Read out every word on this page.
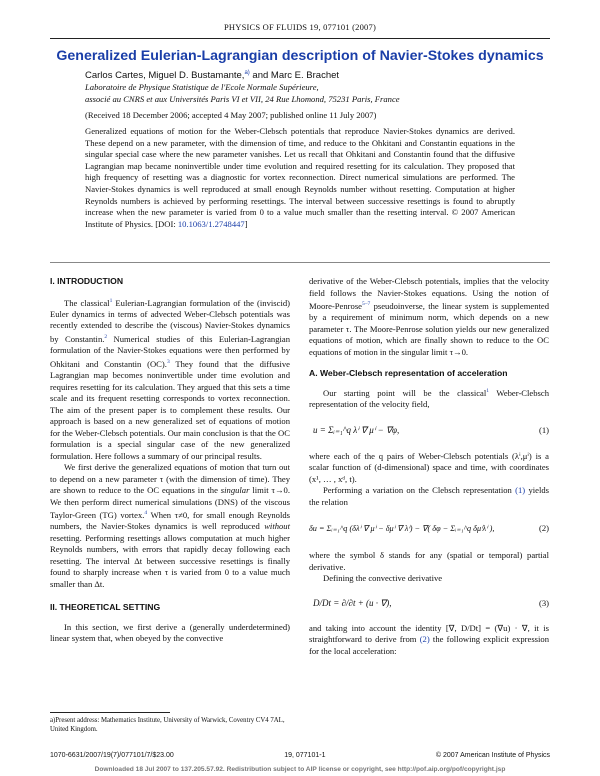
PHYSICS OF FLUIDS 19, 077101 (2007)
Generalized Eulerian-Lagrangian description of Navier-Stokes dynamics
Carlos Cartes, Miguel D. Bustamante,$^{a)}$ and Marc E. Brachet
Laboratoire de Physique Statistique de l'Ecole Normale Supérieure,
associé au CNRS et aux Universités Paris VI et VII, 24 Rue Lhomond, 75231 Paris, France
(Received 18 December 2006; accepted 4 May 2007; published online 11 July 2007)
Generalized equations of motion for the Weber-Clebsch potentials that reproduce Navier-Stokes dynamics are derived. These depend on a new parameter, with the dimension of time, and reduce to the Ohkitani and Constantin equations in the singular special case where the new parameter vanishes. Let us recall that Ohkitani and Constantin found that the diffusive Lagrangian map became noninvertible under time evolution and required resetting for its calculation. They proposed that high frequency of resetting was a diagnostic for vortex reconnection. Direct numerical simulations are performed. The Navier-Stokes dynamics is well reproduced at small enough Reynolds number without resetting. Computation at higher Reynolds numbers is achieved by performing resettings. The interval between successive resettings is found to abruptly increase when the new parameter is varied from 0 to a value much smaller than the resetting interval. © 2007 American Institute of Physics. [DOI: 10.1063/1.2748447]
I. INTRODUCTION

The classical$^1$ Eulerian-Lagrangian formulation of the (inviscid) Euler dynamics in terms of advected Weber-Clebsch potentials was recently extended to describe the (viscous) Navier-Stokes dynamics by Constantin.$^2$ Numerical studies of this Eulerian-Lagrangian formulation of the Navier-Stokes equations were then performed by Ohkitani and Constantin (OC).$^3$ They found that the diffusive Lagrangian map becomes noninvertible under time evolution and requires resetting for its calculation. They argued that this sets a time scale and its frequent resetting corresponds to vortex reconnection. The aim of the present paper is to complement these results. Our approach is based on a new generalized set of equations of motion for the Weber-Clebsch potentials. Our main conclusion is that the OC formulation is a special singular case of the new generalized formulation. Here follows a summary of our principal results.

We first derive the generalized equations of motion that turn out to depend on a new parameter τ (with the dimension of time). They are shown to reduce to the OC equations in the singular limit τ→0. We then perform direct numerical simulations (DNS) of the viscous Taylor-Green (TG) vortex.$^4$ When τ≠0, for small enough Reynolds numbers, the Navier-Stokes dynamics is well reproduced without resetting. Performing resettings allows computation at much higher Reynolds numbers, with errors that rapidly decay following each resetting. The interval Δt between successive resettings is finally found to sharply increase when τ is varied from 0 to a value much smaller than Δt.

II. THEORETICAL SETTING

In this section, we first derive a (generally underdetermined) linear system that, when obeyed by the convective

a)Present address: Mathematics Institute, University of Warwick, Coventry CV4 7AL, United Kingdom.

derivative of the Weber-Clebsch potentials, implies that the velocity field follows the Navier-Stokes equations. Using the notion of Moore-Penrose$^{5-7}$ pseudoinverse, the linear system is supplemented by a requirement of minimum norm, which depends on a new parameter τ. The Moore-Penrose solution yields our new generalized equations of motion, which are finally shown to reduce to the OC equations of motion in the singular limit τ→0.

A. Weber-Clebsch representation of acceleration

Our starting point will be the classical$^1$ Weber-Clebsch representation of the velocity field,

u = Σᵢ₌₁^q λⁱ ∇ μⁱ − ∇φ,	(1)

where each of the q pairs of Weber-Clebsch potentials (λⁱ,μⁱ) is a scalar function of (d-dimensional) space and time, with coordinates (x¹, … , xᵈ, t).

Performing a variation on the Clebsch representation (1) yields the relation

δu = Σᵢ₌₁^q (δλⁱ ∇ μⁱ − δμⁱ ∇ λⁱ) − ∇( δφ − Σᵢ₌₁^q δμⁱλⁱ ),	(2)

where the symbol δ stands for any (spatial or temporal) partial derivative.

Defining the convective derivative

D/Dt = ∂/∂t + (u · ∇),	(3)

and taking into account the identity [∇, D/Dt] = (∇u) · ∇, it is straightforward to derive from (2) the following explicit expression for the local acceleration:

1070-6631/2007/19(7)/077101/7/$23.00	19, 077101-1	© 2007 American Institute of Physics
Downloaded 18 Jul 2007 to 137.205.57.92. Redistribution subject to AIP license or copyright, see http://pof.aip.org/pof/copyright.jsp
